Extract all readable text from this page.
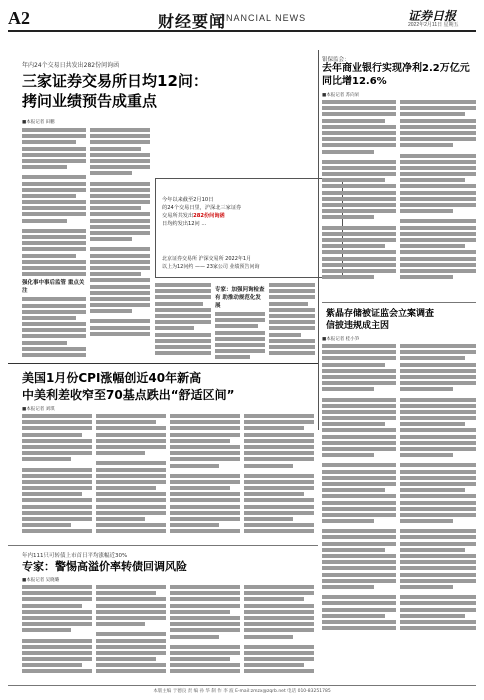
A2	财经要闻
FINANCIAL NEWS	证券日报
2022年2月11日 星期五
年内24个交易日共发出282份问询函
三家证券交易所日均12问：
拷问业绩预告成重点
■本报记者 田鹏
强化事中事后监管 重点关注
今年以来截至2月10日
的24个交易日里，沪深北三家证券
交易所共发出282份问询函
日均约发出12问 ...
北京证券交易所 沪深交易所 2022年1月
以上为12问约 —— 23家公司 业绩预告问询
专家：加强问询检查有 助推动规范化发展
银保监会：
去年商业银行实现净利2.2万亿元
同比增12.6%
■本报记者 苏向杲
紫晶存储被证监会立案调查
信披违规成主因
■本报记者 桂小笋
美国1月份CPI涨幅创近40年新高
中美利差收窄至70基点跌出“舒适区间”
■本报记者 刘琪
年内111只可转债上市首日平均涨幅近30%
专家：警惕高溢价率转债回调风险
■本报记者 吴晓璐
本版主编 于德良 责 编 孙 华 制 作 李 波 E-mail:zmzx@zqrb.net 电话 010-83251785
